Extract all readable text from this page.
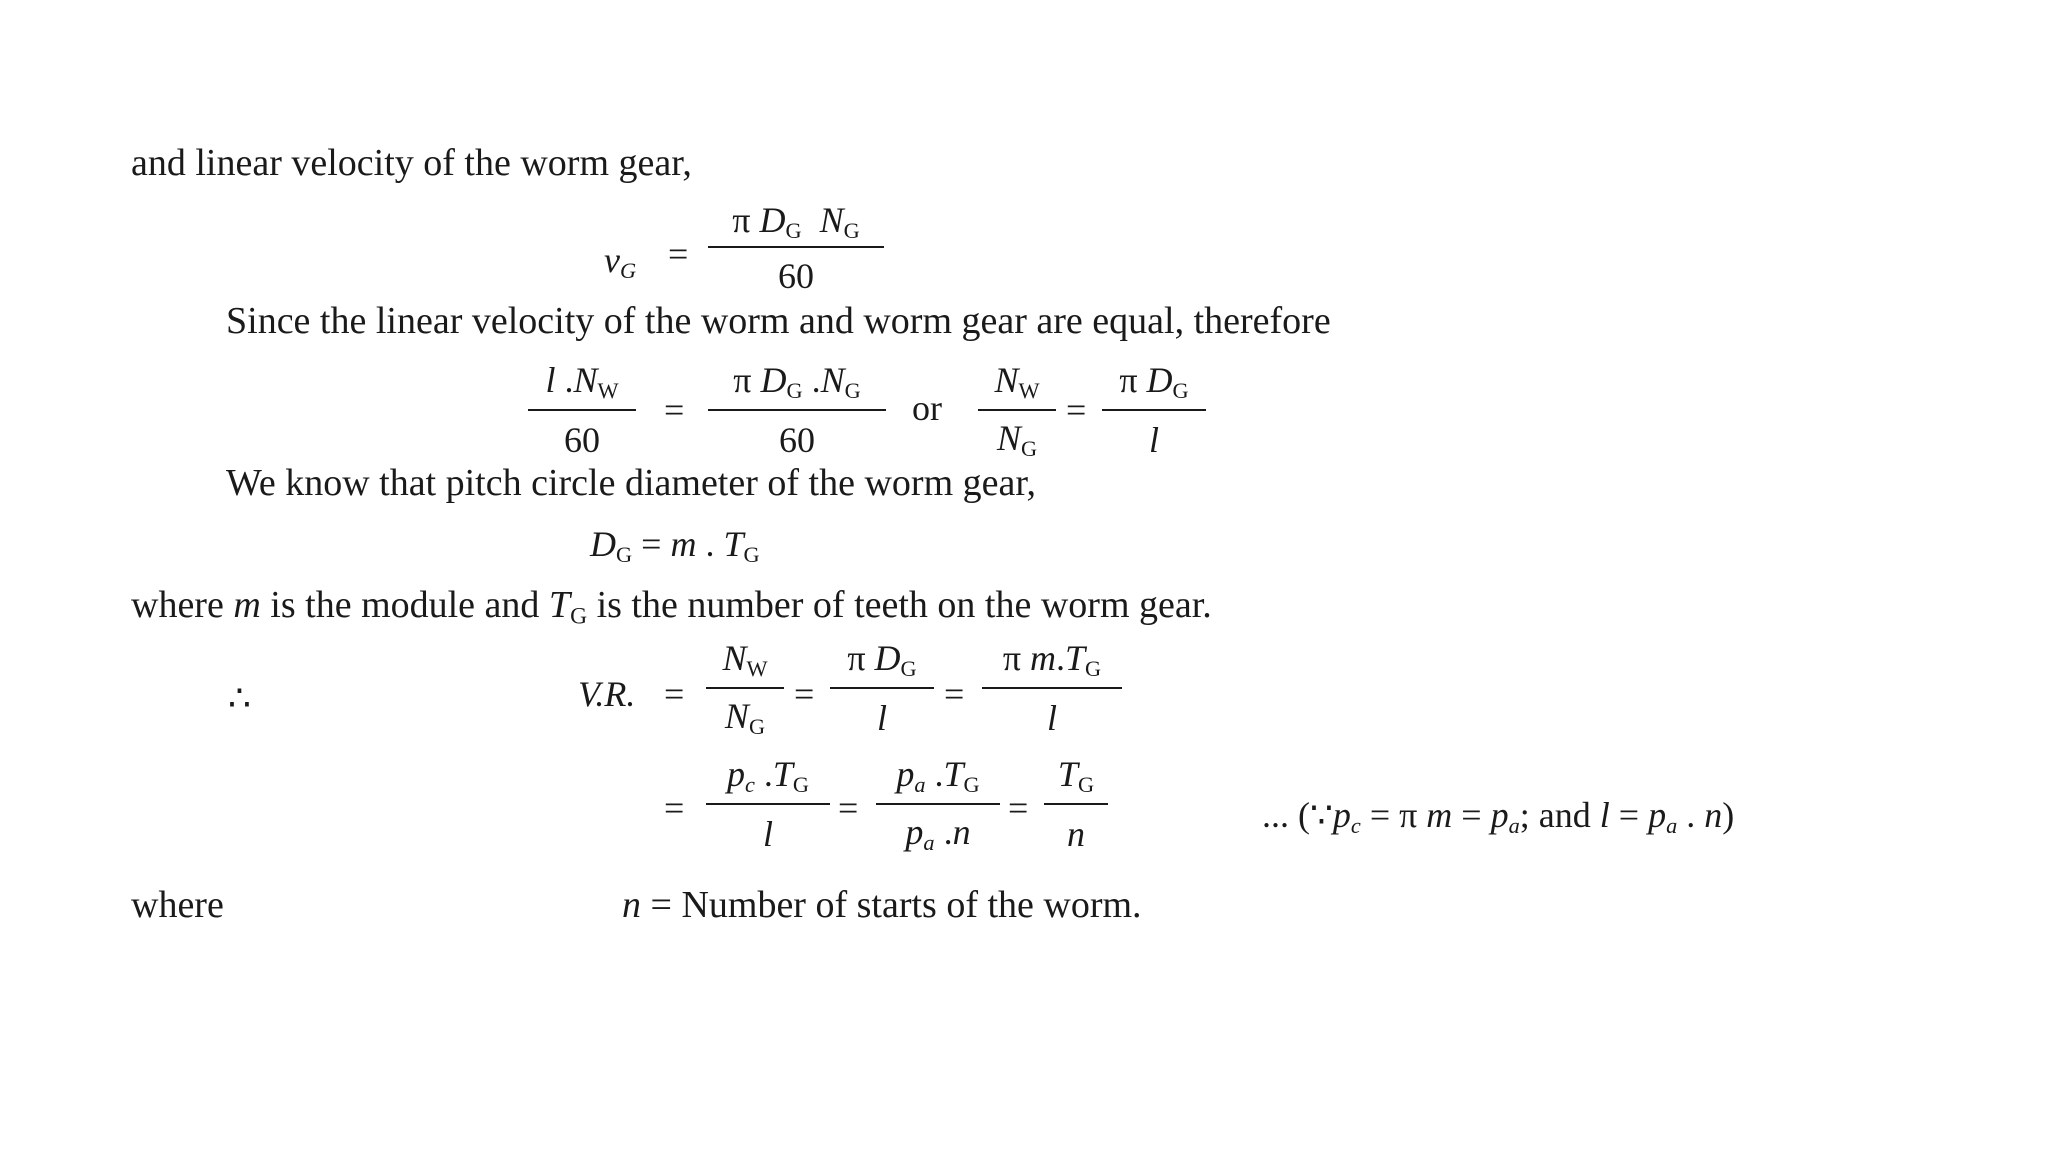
and linear velocity of the worm gear,
$v_G$ =
π $D_G$ $N_G$
60
Since the linear velocity of the worm and worm gear are equal, therefore
l $.N_W$
60
=
π $D_G$ $.N_G$
60
or
$N_W$
$N_G$
=
π $D_G$
l
We know that pitch circle diameter of the worm gear,
$D_G = m$ . $T_G$
where m is the module and $T_G$ is the number of teeth on the worm gear.
∴	V.R. =
$N_W$
$N_G$
=
π $D_G$
l
=
π $m.T_G$
l
=
$p_c$ $.T_G$
l
=
$p_a$ $.T_G$
$p_a$ .n
=
$T_G$
n	... ($\because p_c = \pi$ $m = p_a$; and $l = p_a$ . n)
where	n = Number of starts of the worm.
